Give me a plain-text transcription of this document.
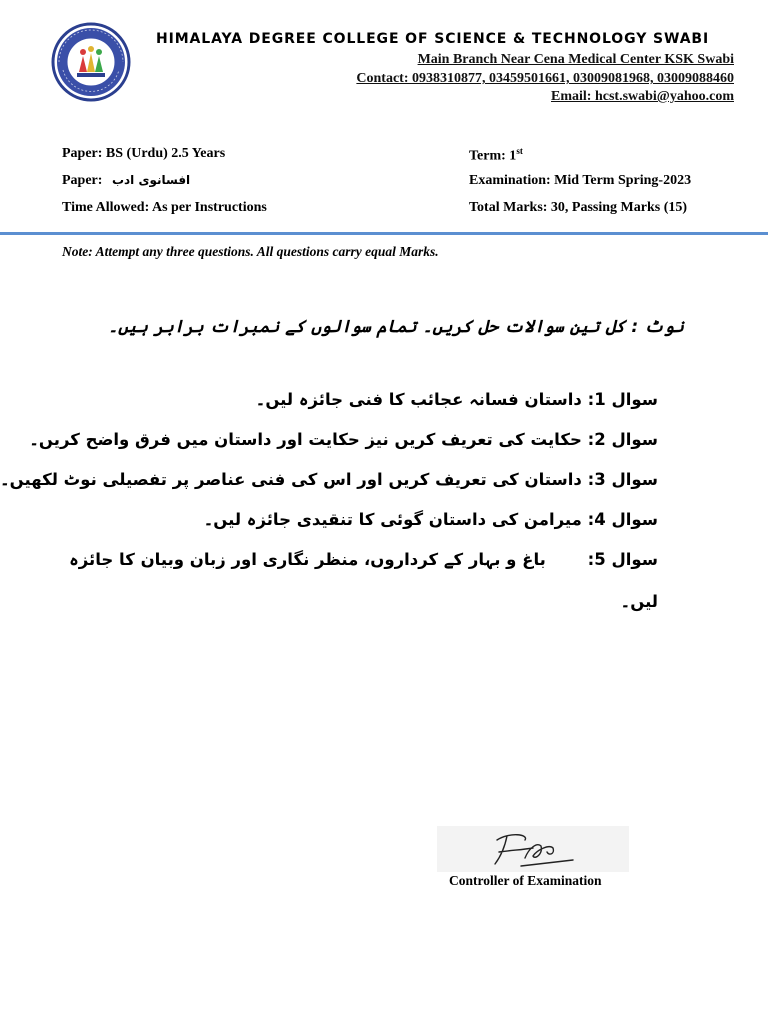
HIMALAYA DEGREE COLLEGE OF SCIENCE & TECHNOLOGY SWABI
Main Branch Near Cena Medical Center KSK Swabi
Contact: 0938310877, 03459501661, 03009081968, 03009088460
Email: hcst.swabi@yahoo.com
Paper: BS (Urdu) 2.5 Years
Paper: افسانوی ادب
Time Allowed: As per Instructions
Term: 1st
Examination: Mid Term Spring-2023
Total Marks: 30, Passing Marks (15)
Note: Attempt any three questions. All questions carry equal Marks.
نوٹ : کل تین سوالات حل کریں۔ تمام سوالوں کے نمبرات برابر ہیں۔
سوال 1: داستان فسانہ عجائب کا فنی جائزہ لیں۔
سوال 2: حکایت کی تعریف کریں نیز حکایت اور داستان میں فرق واضح کریں۔
سوال 3: داستان کی تعریف کریں اور اس کی فنی عناصر پر تفصیلی نوٹ لکھیں۔
سوال 4: میرامن کی داستان گوئی کا تنقیدی جائزہ لیں۔
سوال 5: باغ و بہار کے کرداروں، منظر نگاری اور زبان وبیان کا جائزہ
لیں۔
Controller of Examination
